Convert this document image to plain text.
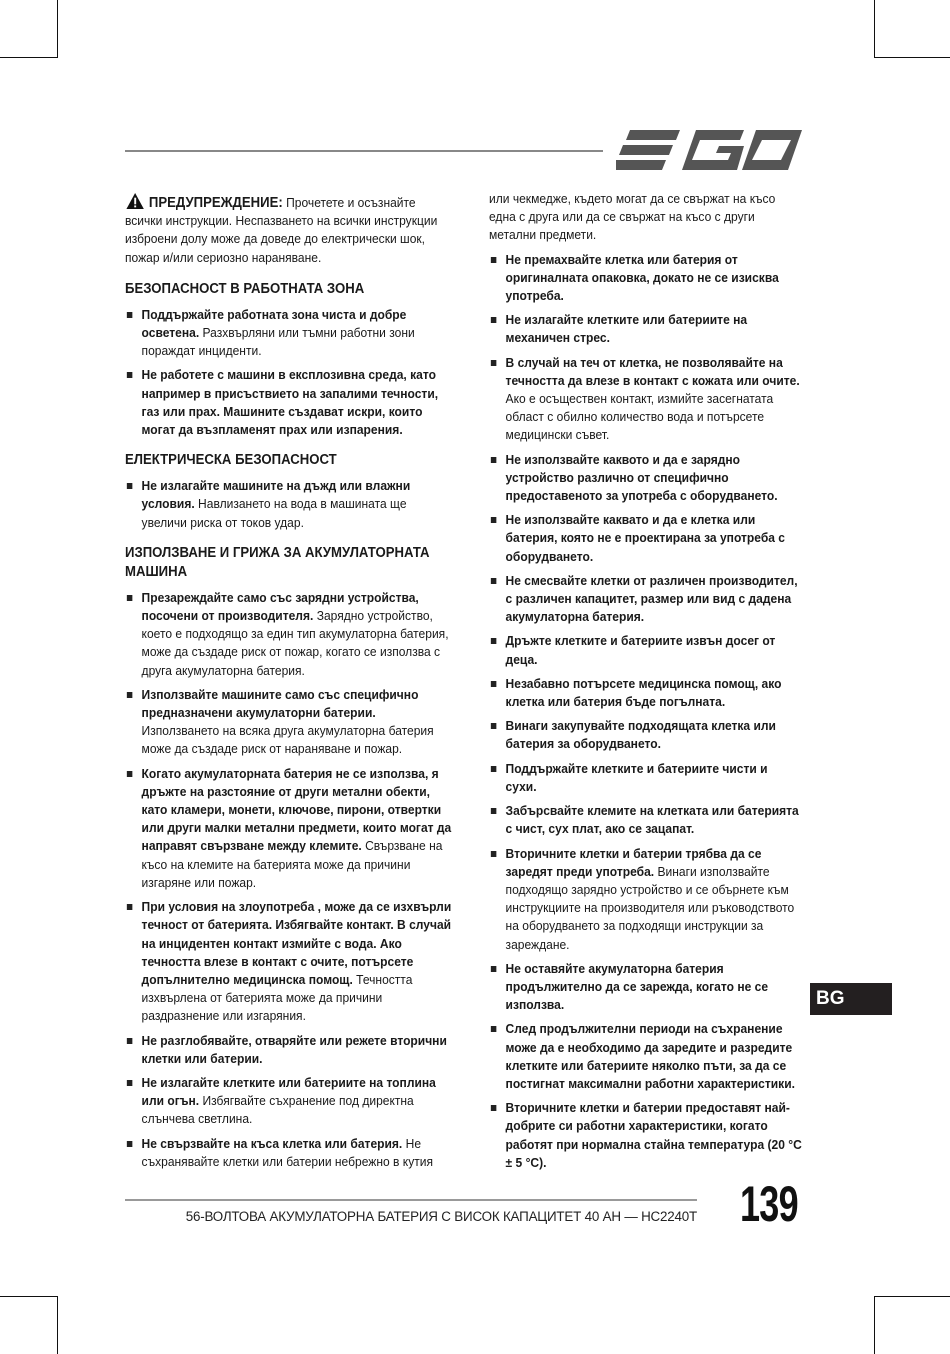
ПРЕДУПРЕЖДЕНИЕ: Прочетете и осъзнайте всички инструкции. Неспазването на всички инструкции изброени долу може да доведе до електрически шок, пожар и/или сериозно нараняване.

БЕЗОПАСНОСТ В РАБОТНАТА ЗОНА
Поддържайте работната зона чиста и добре осветена. Разхвърляни или тъмни работни зони пораждат инциденти.
Не работете с машини в експлозивна среда, като например в присъствието на запалими течности, газ или прах. Машините създават искри, които могат да възпламенят прах или изпарения.
ЕЛЕКТРИЧЕСКА БЕЗОПАСНОСТ
Не излагайте машините на дъжд или влажни условия. Навлизането на вода в машината ще увеличи риска от токов удар.
ИЗПОЛЗВАНЕ И ГРИЖА ЗА АКУМУЛАТОРНАТА МАШИНА
Презареждайте само със зарядни устройства, посочени от производителя. Зарядно устройство, което е подходящо за един тип акумулаторна батерия, може да създаде риск от пожар, когато се използва с друга акумулаторна батерия.
Използвайте машините само със специфично предназначени акумулаторни батерии. Използването на всяка друга акумулаторна батерия може да създаде риск от нараняване и пожар.
Когато акумулаторната батерия не се използва, я дръжте на разстояние от други метални обекти, като кламери, монети, ключове, пирони, отвертки или други малки метални предмети, които могат да направят свързване между клемите. Свързване на късо на клемите на батерията може да причини изгаряне или пожар.
При условия на злоупотреба , може да се изхвърли течност от батерията. Избягвайте контакт. В случай на инцидентен контакт измийте с вода. Ако течността влезе в контакт с очите, потърсете допълнително медицинска помощ. Течността изхвърлена от батерията може да причини раздразнение или изгаряния.
Не разглобявайте, отваряйте или режете вторични клетки или батерии.
Не излагайте клетките или батериите на топлина или огън. Избягвайте съхранение под директна слънчева светлина.
Не свързвайте на къса клетка или батерия. Не съхранявайте клетки или батерии небрежно в кутия

или чекмедже, където могат да се свържат на късо една с друга или да се свържат на късо с други метални предмети.

Не премахвайте клетка или батерия от оригиналната опаковка, докато не се изисква употреба.
Не излагайте клетките или батериите на механичен стрес.
В случай на теч от клетка, не позволявайте на течността да влезе в контакт с кожата или очите. Ако е осъществен контакт, измийте засегнатата област с обилно количество вода и потърсете медицински съвет.
Не използвайте каквото и да е зарядно устройство различно от специфично предоставеното за употреба с оборудването.
Не използвайте каквато и да е клетка или батерия, която не е проектирана за употреба с оборудването.
Не смесвайте клетки от различен производител, с различен капацитет, размер или вид с дадена акумулаторна батерия.
Дръжте клетките и батериите извън досег от деца.
Незабавно потърсете медицинска помощ, ако клетка или батерия бъде погълната.
Винаги закупувайте подходящата клетка или батерия за оборудването.
Поддържайте клетките и батериите чисти и сухи.
Забърсвайте клемите на клетката или батерията с чист, сух плат, ако се зацапат.
Вторичните клетки и батерии трябва да се заредят преди употреба. Винаги използвайте подходящо зарядно устройство и се обърнете към инструкциите на производителя или ръководството на оборудването за подходящи инструкции за зареждане.
Не оставяйте акумулаторна батерия продължително да се зарежда, когато не се използва.
След продължителни периоди на съхранение може да е необходимо да заредите и разредите клетките или батериите няколко пъти, за да се постигнат максимални работни характеристики.
Вторичните клетки и батерии предоставят най-добрите си работни характеристики, когато работят при нормална стайна температура (20 °C ± 5 °C).
BG
56-ВОЛТОВА АКУМУЛАТОРНА БАТЕРИЯ С ВИСОК КАПАЦИТЕТ 40 AH — HC2240T 139
